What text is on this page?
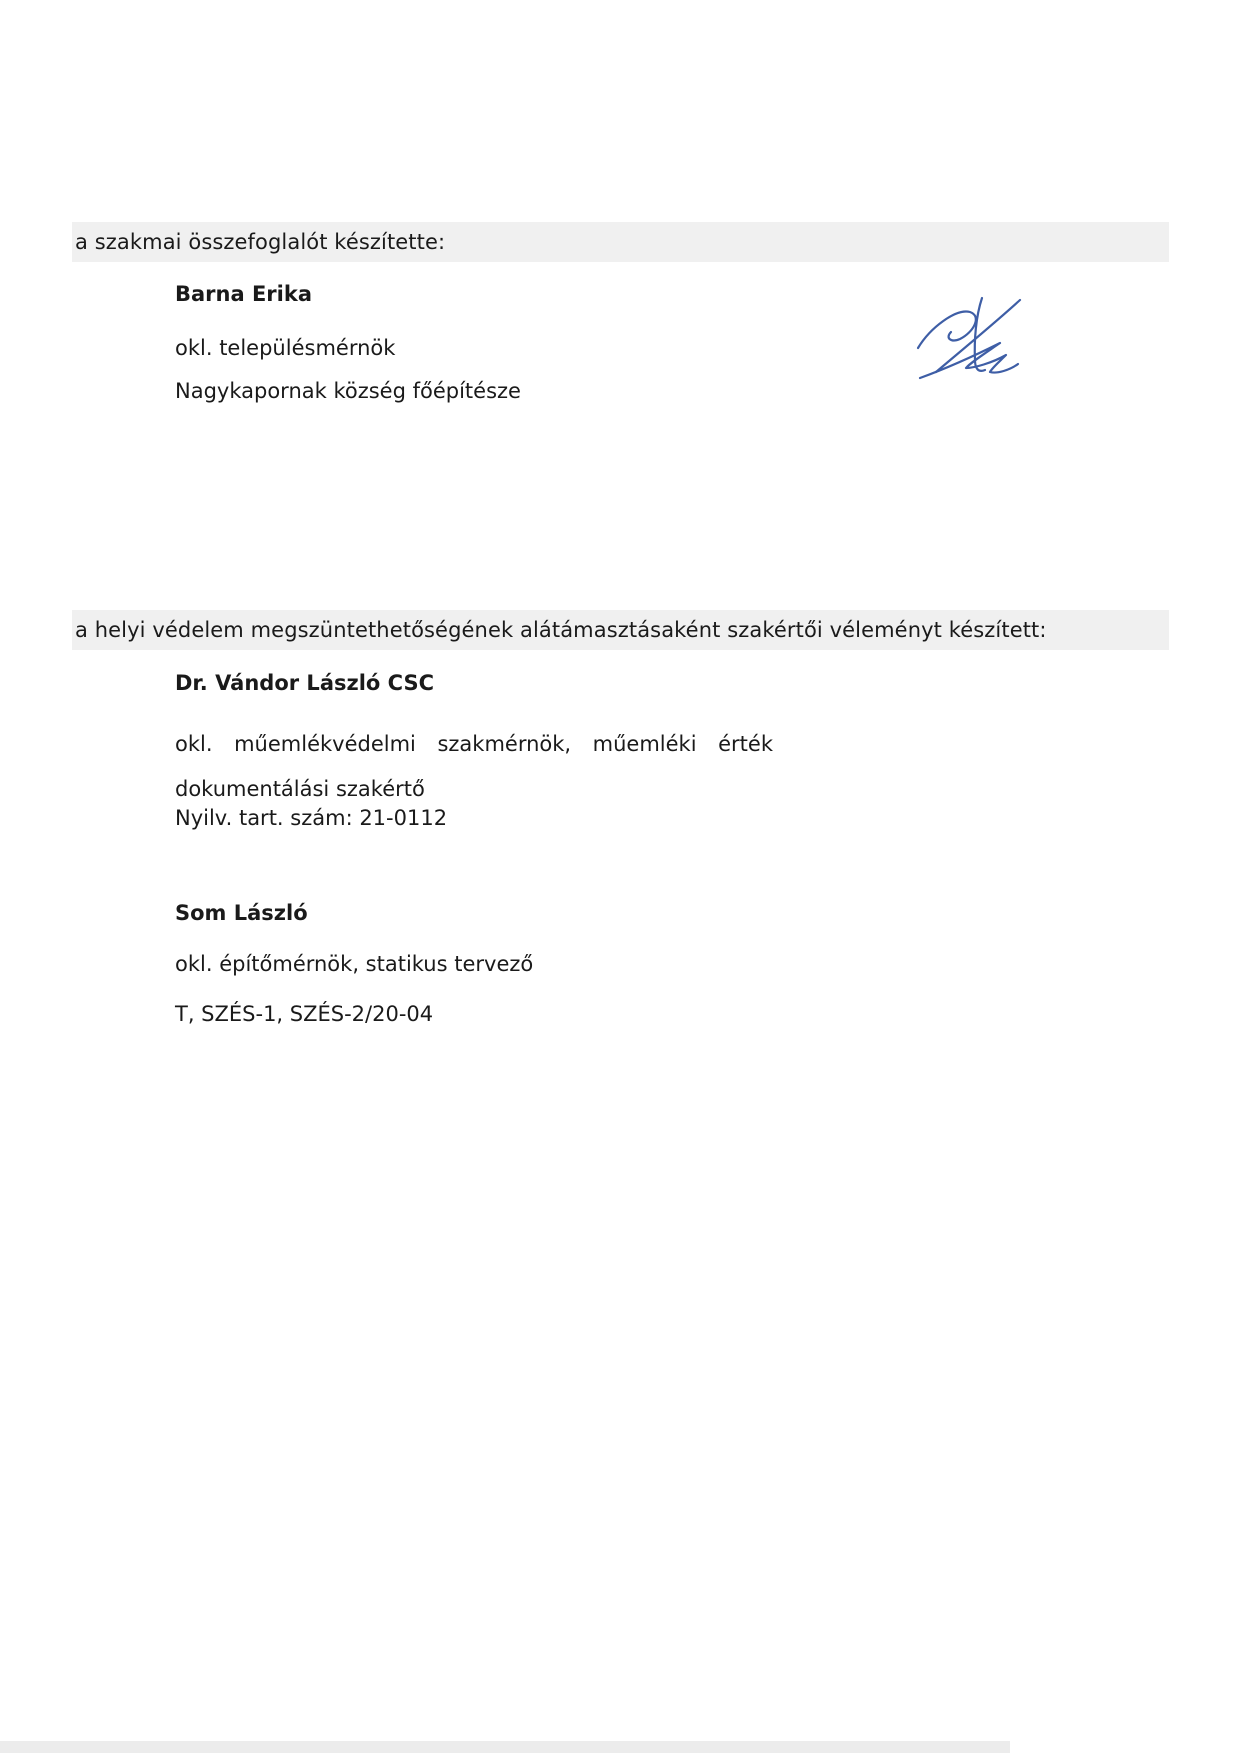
a szakmai összefoglalót készítette:
Barna Erika
okl. településmérnök
Nagykapornak község főépítésze
a helyi védelem megszüntethetőségének alátámasztásaként szakértői véleményt készített:
Dr. Vándor László CSC
okl. műemlékvédelmi szakmérnök, műemléki érték dokumentálási szakértő
Nyilv. tart. szám: 21-0112
Som László
okl. építőmérnök, statikus tervező
T, SZÉS-1, SZÉS-2/20-04
